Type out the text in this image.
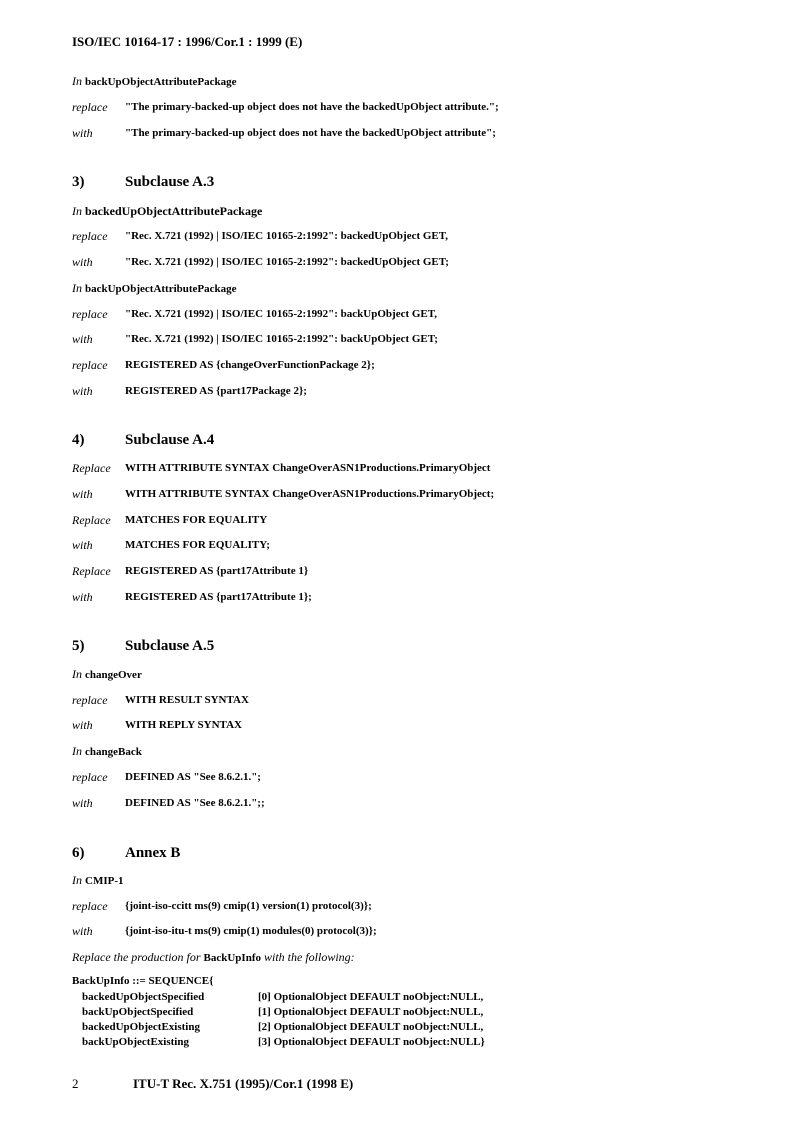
ISO/IEC 10164-17 : 1996/Cor.1 : 1999 (E)
In backUpObjectAttributePackage
replace "The primary-backed-up object does not have the backedUpObject attribute.";
with	"The primary-backed-up object does not have the backedUpObject attribute";
3)	Subclause A.3
In backedUpObjectAttributePackage
replace "Rec. X.721 (1992) | ISO/IEC 10165-2:1992": backedUpObject GET,
with	"Rec. X.721 (1992) | ISO/IEC 10165-2:1992": backedUpObject GET;
In backUpObjectAttributePackage
replace "Rec. X.721 (1992) | ISO/IEC 10165-2:1992": backUpObject GET,
with	"Rec. X.721 (1992) | ISO/IEC 10165-2:1992": backUpObject GET;
replace REGISTERED AS {changeOverFunctionPackage 2};
with	REGISTERED AS {part17Package 2};
4)	Subclause A.4
Replace WITH ATTRIBUTE SYNTAX ChangeOverASN1Productions.PrimaryObject
with	WITH ATTRIBUTE SYNTAX ChangeOverASN1Productions.PrimaryObject;
Replace MATCHES FOR EQUALITY
with	MATCHES FOR EQUALITY;
Replace REGISTERED AS {part17Attribute 1}
with	REGISTERED AS {part17Attribute 1};
5)	Subclause A.5
In changeOver
replace WITH RESULT SYNTAX
with	WITH REPLY SYNTAX
In changeBack
replace DEFINED AS "See 8.6.2.1.";
with	DEFINED AS "See 8.6.2.1.";;
6)	Annex B
In CMIP-1
replace {joint-iso-ccitt ms(9) cmip(1) version(1) protocol(3)};
with	{joint-iso-itu-t ms(9) cmip(1) modules(0) protocol(3)};
Replace the production for BackUpInfo with the following:
BackUpInfo ::= SEQUENCE{
backedUpObjectSpecified	[0] OptionalObject DEFAULT noObject:NULL,
backUpObjectSpecified	[1] OptionalObject DEFAULT noObject:NULL,
backedUpObjectExisting	[2] OptionalObject DEFAULT noObject:NULL,
backUpObjectExisting	[3] OptionalObject DEFAULT noObject:NULL}
2	ITU-T Rec. X.751 (1995)/Cor.1 (1998 E)
